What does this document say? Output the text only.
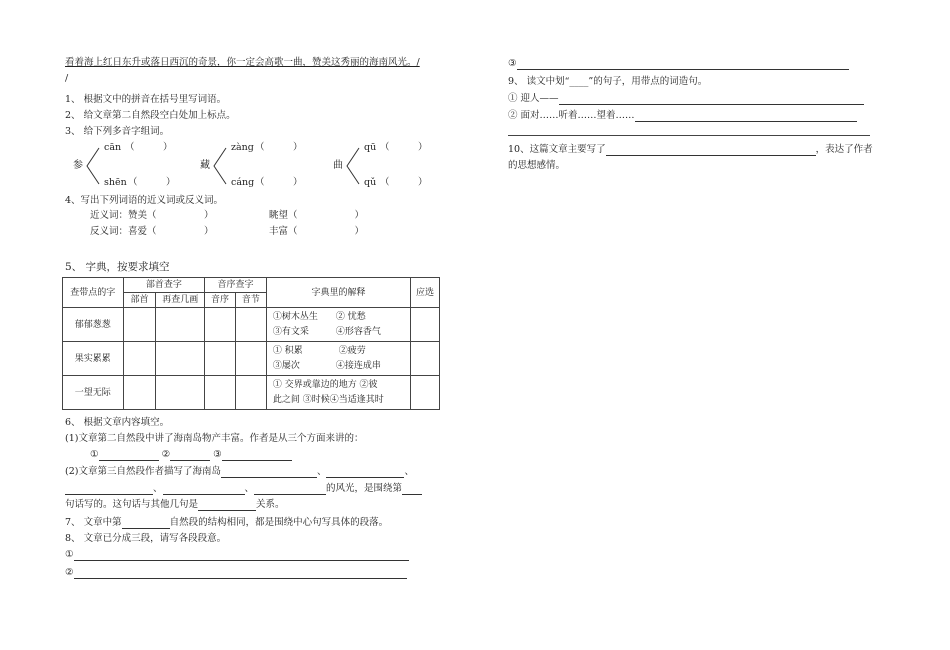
看着海上红日东升或落日西沉的奇景，你一定会高歌一曲，赞美这秀丽的海南风光。/
/
1、 根据文中的拼音在括号里写词语。
2、 给文章第二自然段空白处加上标点。
3、 给下列多音字组词。
参
cān （　　　）
shēn （　　　）
藏
zàng （　　　）
cáng （　　　）
曲
qū （　　　）
qǔ （　　　）
4、写出下列词语的近义词或反义词。
近义词：赞美（　　　　　）	眺望（　　　　　　）
反义词：喜爱（　　　　　）	丰富（　　　　　　）
5、 字典，按要求填空
查带点的字	部首查字		音序查字		字典里的解释	应选
	部首	再查几画	音序	音节		
郁郁葱葱					①树木丛生　　② 忧愁
③有文采　　　④形容香气	

果实累累					① 积累　　　　②疲劳
③屡次　　　　④接连成串	

一望无际					① 交界或靠边的地方 ②彼
此之间 ③时候④当适逢其时	

6、 根据文章内容填空。
(1)文章第二自然段中讲了海南岛物产丰富。作者是从三个方面来讲的：
①	②	③
(2)文章第三自然段作者描写了海南岛	、	、
、	、	的风光，是围绕第
句话写的。这句话与其他几句是	关系。
7、 文章中第	自然段的结构相同，都是围绕中心句写具体的段落。
8、 文章已分成三段，请写各段段意。
①
②
③
9、 读文中划“____”的句子，用带点的词造句。
① 迎人——
② 面对……听着……望着……
10、这篇文章主要写了	，表达了作者
的思想感情。
